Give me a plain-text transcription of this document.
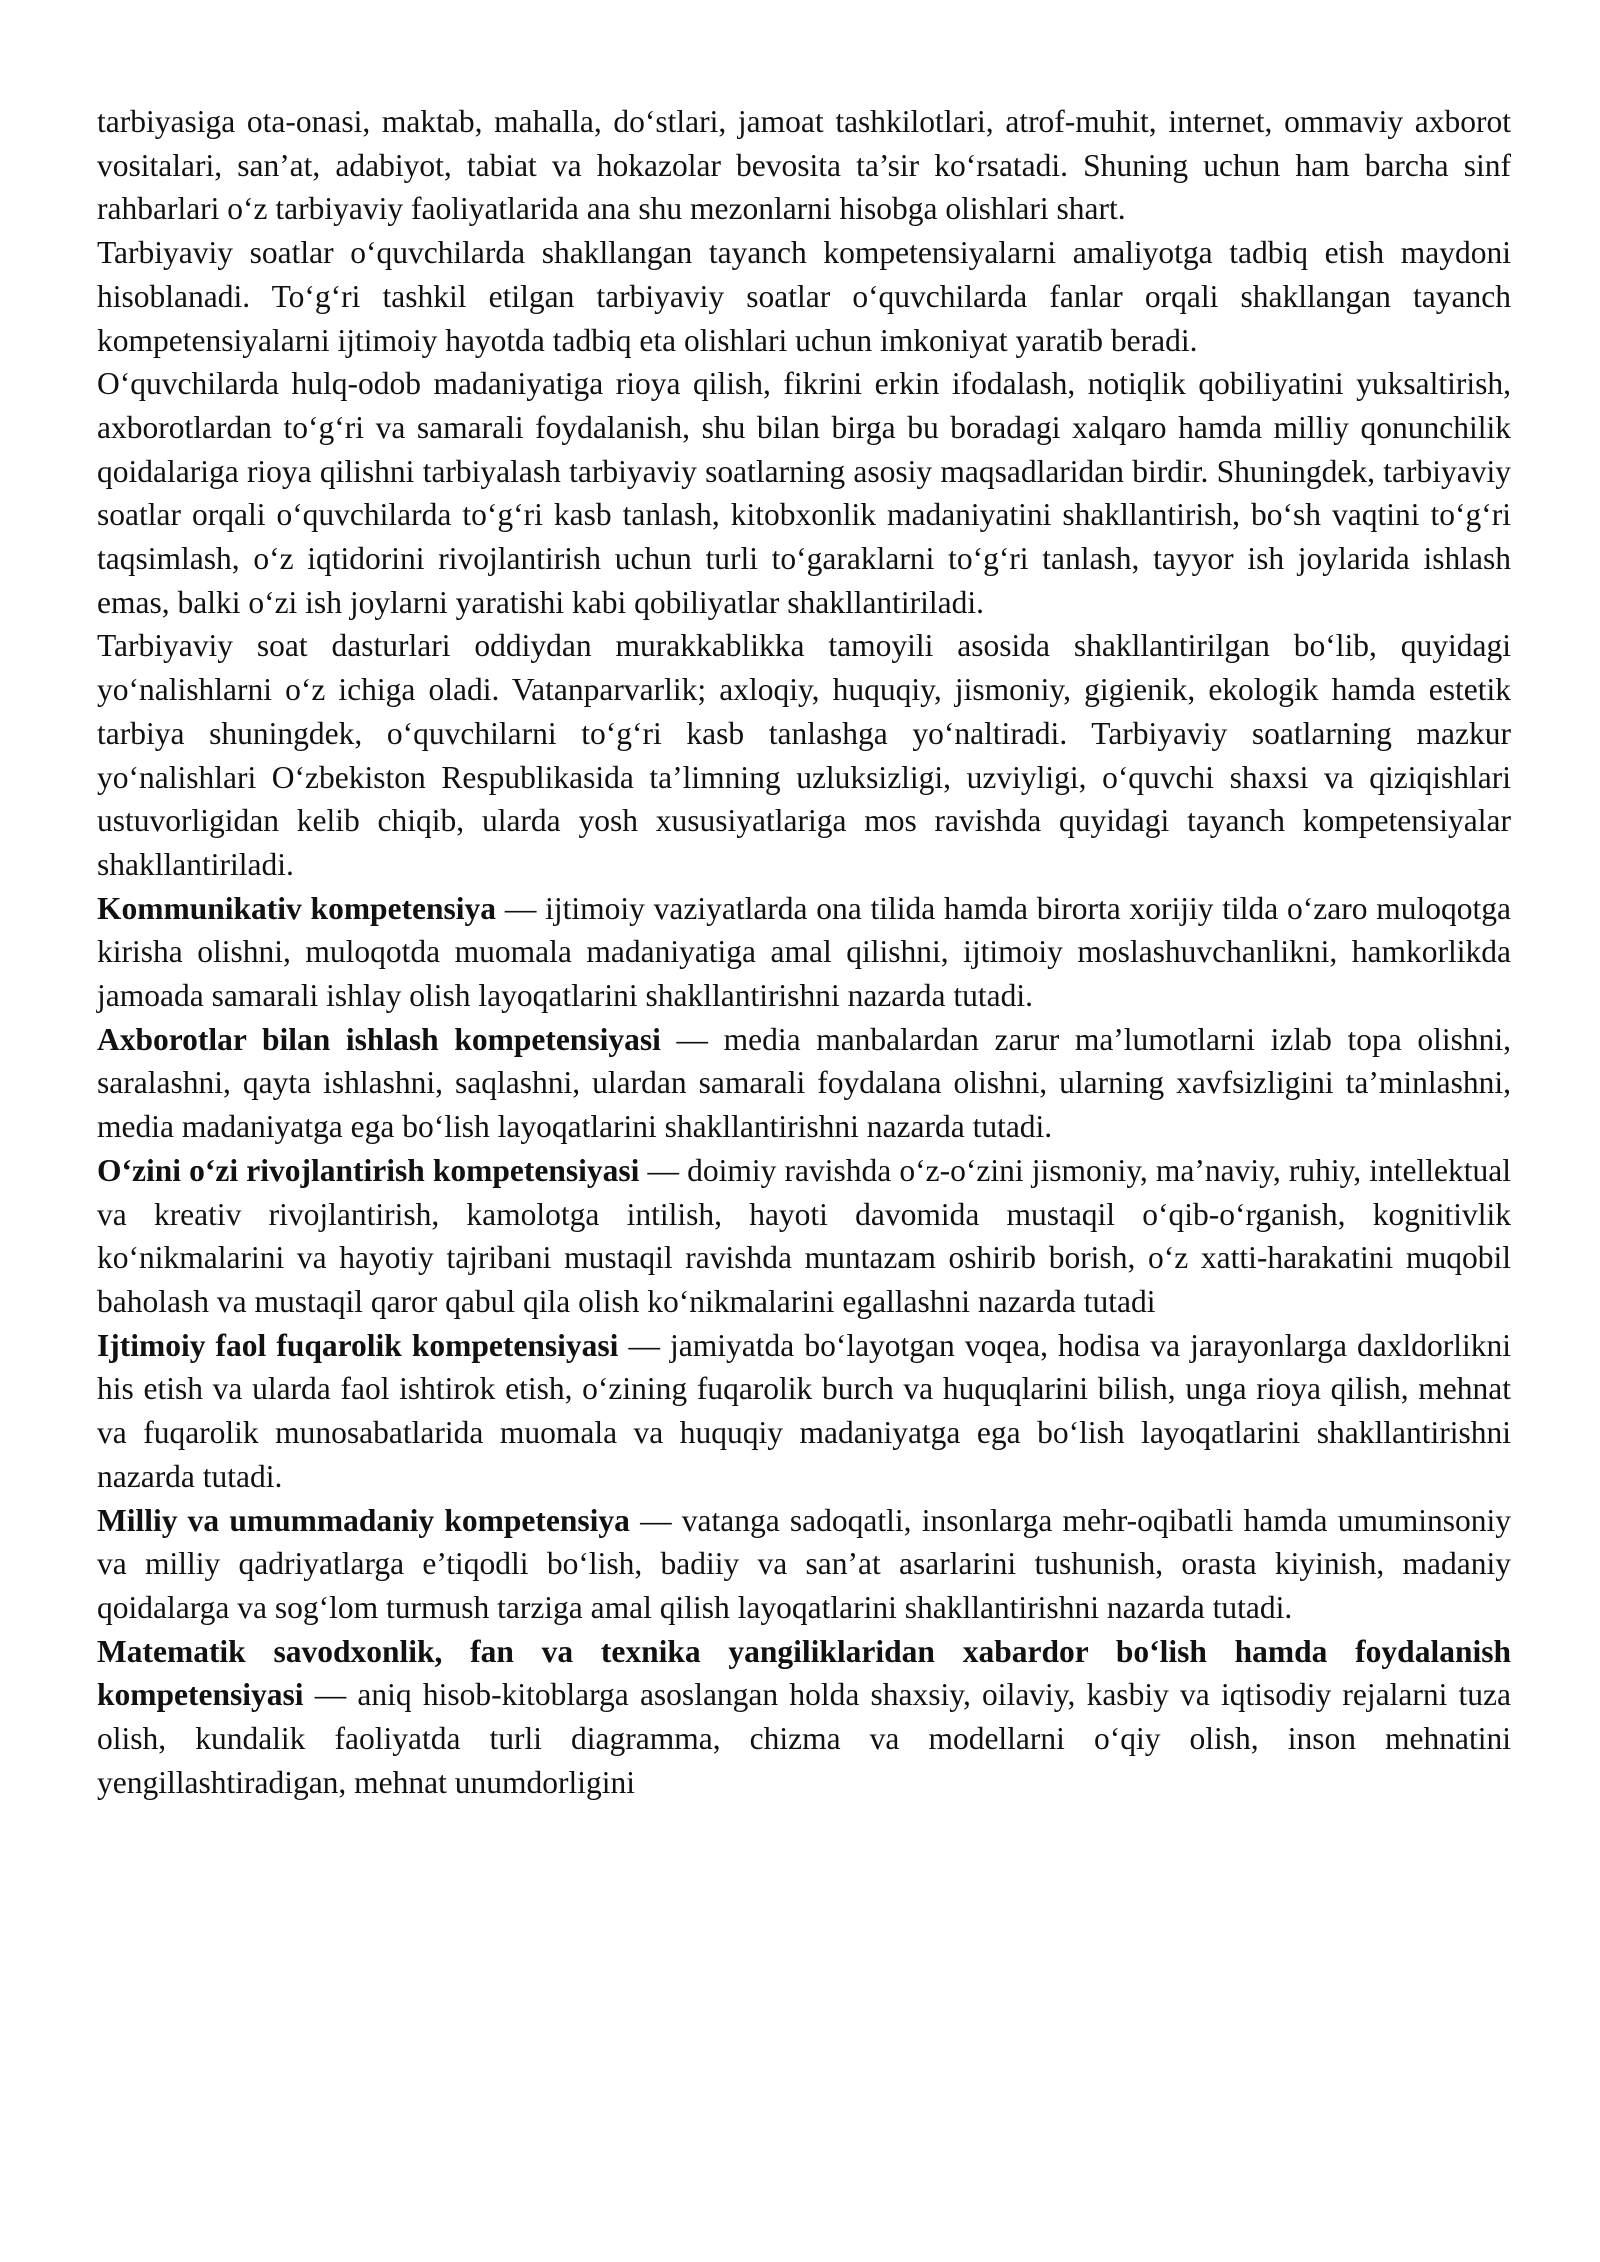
tarbiyasiga ota-onasi, maktab, mahalla, do‘stlari, jamoat tashkilotlari, atrof-muhit, internet, ommaviy axborot vositalari, san’at, adabiyot, tabiat va hokazolar bevosita ta’sir ko‘rsatadi. Shuning uchun ham barcha sinf rahbarlari o‘z tarbiyaviy faoliyatlarida ana shu mezonlarni hisobga olishlari shart.

Tarbiyaviy soatlar o‘quvchilarda shakllangan tayanch kompetensiyalarni amaliyotga tadbiq etish maydoni hisoblanadi. To‘g‘ri tashkil etilgan tarbiyaviy soatlar o‘quvchilarda fanlar orqali shakllangan tayanch kompetensiyalarni ijtimoiy hayotda tadbiq eta olishlari uchun imkoniyat yaratib beradi.

O‘quvchilarda hulq-odob madaniyatiga rioya qilish, fikrini erkin ifodalash, notiqlik qobiliyatini yuksaltirish, axborotlardan to‘g‘ri va samarali foydalanish, shu bilan birga bu boradagi xalqaro hamda milliy qonunchilik qoidalariga rioya qilishni tarbiyalash tarbiyaviy soatlarning asosiy maqsadlaridan birdir. Shuningdek, tarbiyaviy soatlar orqali o‘quvchilarda to‘g‘ri kasb tanlash, kitobxonlik madaniyatini shakllantirish, bo‘sh vaqtini to‘g‘ri taqsimlash, o‘z iqtidorini rivojlantirish uchun turli to‘garaklarni to‘g‘ri tanlash, tayyor ish joylarida ishlash emas, balki o‘zi ish joylarni yaratishi kabi qobiliyatlar shakllantiriladi.

Tarbiyaviy soat dasturlari oddiydan murakkablikka tamoyili asosida shakllantirilgan bo‘lib, quyidagi yo‘nalishlarni o‘z ichiga oladi. Vatanparvarlik; axloqiy, huquqiy, jismoniy, gigienik, ekologik hamda estetik tarbiya shuningdek, o‘quvchilarni to‘g‘ri kasb tanlashga yo‘naltiradi. Tarbiyaviy soatlarning mazkur yo‘nalishlari O‘zbekiston Respublikasida ta’limning uzluksizligi, uzviyligi, o‘quvchi shaxsi va qiziqishlari ustuvorligidan kelib chiqib, ularda yosh xususiyatlariga mos ravishda quyidagi tayanch kompetensiyalar shakllantiriladi.

Kommunikativ kompetensiya — ijtimoiy vaziyatlarda ona tilida hamda birorta xorijiy tilda o‘zaro muloqotga kirisha olishni, muloqotda muomala madaniyatiga amal qilishni, ijtimoiy moslashuvchanlikni, hamkorlikda jamoada samarali ishlay olish layoqatlarini shakllantirishni nazarda tutadi.

Axborotlar bilan ishlash kompetensiyasi — media manbalardan zarur ma’lumotlarni izlab topa olishni, saralashni, qayta ishlashni, saqlashni, ulardan samarali foydalana olishni, ularning xavfsizligini ta’minlashni, media madaniyatga ega bo‘lish layoqatlarini shakllantirishni nazarda tutadi.

O‘zini o‘zi rivojlantirish kompetensiyasi — doimiy ravishda o‘z-o‘zini jismoniy, ma’naviy, ruhiy, intellektual va kreativ rivojlantirish, kamolotga intilish, hayoti davomida mustaqil o‘qib-o‘rganish, kognitivlik ko‘nikmalarini va hayotiy tajribani mustaqil ravishda muntazam oshirib borish, o‘z xatti-harakatini muqobil baholash va mustaqil qaror qabul qila olish ko‘nikmalarini egallashni nazarda tutadi

Ijtimoiy faol fuqarolik kompetensiyasi — jamiyatda bo‘layotgan voqea, hodisa va jarayonlarga daxldorlikni his etish va ularda faol ishtirok etish, o‘zining fuqarolik burch va huquqlarini bilish, unga rioya qilish, mehnat va fuqarolik munosabatlarida muomala va huquqiy madaniyatga ega bo‘lish layoqatlarini shakllantirishni nazarda tutadi.

Milliy va umummadaniy kompetensiya — vatanga sadoqatli, insonlarga mehr-oqibatli hamda umuminsoniy va milliy qadriyatlarga e’tiqodli bo‘lish, badiiy va san’at asarlarini tushunish, orasta kiyinish, madaniy qoidalarga va sog‘lom turmush tarziga amal qilish layoqatlarini shakllantirishni nazarda tutadi.

Matematik savodxonlik, fan va texnika yangiliklaridan xabardor bo‘lish hamda foydalanish kompetensiyasi — aniq hisob-kitoblarga asoslangan holda shaxsiy, oilaviy, kasbiy va iqtisodiy rejalarni tuza olish, kundalik faoliyatda turli diagramma, chizma va modellarni o‘qiy olish, inson mehnatini yengillashtiradigan, mehnat unumdorligini
